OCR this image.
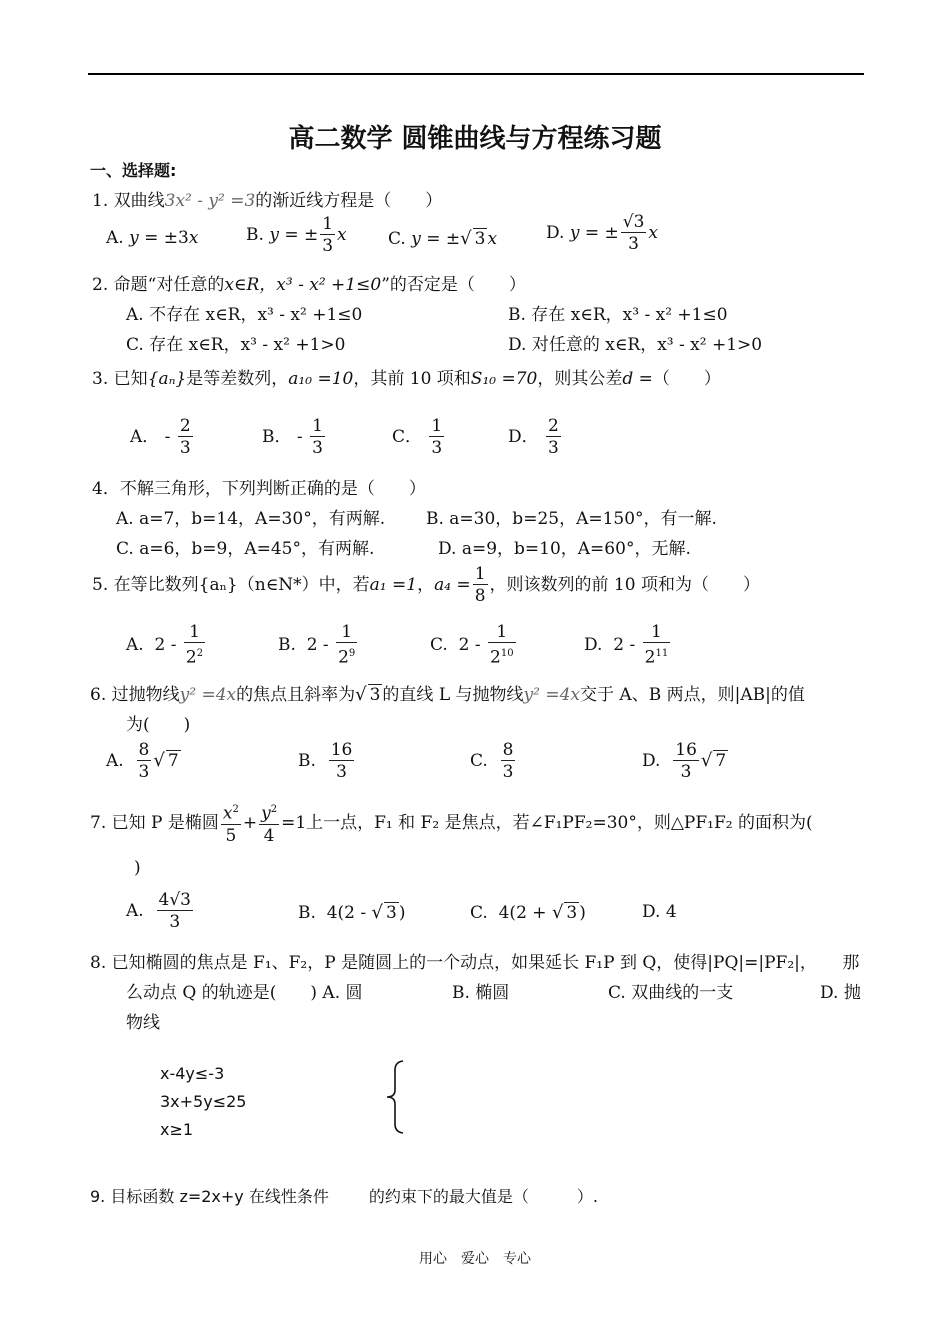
高二数学 圆锥曲线与方程练习题
一、选择题:
1. 双曲线3x² - y² =3的渐近线方程是（　　）
A. y = ±3x	B. y = ± $\frac{1}{3}$ x C. y = ±√ 3 x	D. y = ± $\frac{√3}{3}$ x
2. 命题“对任意的x∈R，x³ - x² +1≤0”的否定是（　　）
A. 不存在 x∈R，x³ - x² +1≤0	B. 存在 x∈R，x³ - x² +1≤0
C. 存在 x∈R，x³ - x² +1>0	D. 对任意的 x∈R，x³ - x² +1>0
3. 已知{aₙ}是等差数列，a₁₀ =10，其前 10 项和S₁₀ =70，则其公差d =（　　）
A． - $\frac{2}{3}$	B． - $\frac{1}{3}$	C． $\frac{1}{3}$	D． $\frac{2}{3}$
4．不解三角形，下列判断正确的是（　　）
A. a=7，b=14，A=30°，有两解. B. a=30，b=25，A=150°，有一解.
C. a=6，b=9，A=45°，有两解.	D. a=9，b=10，A=60°，无解.
5. 在等比数列{aₙ}（n∈N*）中，若a₁ =1，$a_4 = \frac{1}{8}$ ，则该数列的前 10 项和为（　　）
A.  $2 - \frac{1}{2^2}$	B.  $2 - \frac{1}{2^9}$	C.  $2 - \frac{1}{2^{10}}$	D.  $2 - \frac{1}{2^{11}}$
6. 过抛物线y² =4x的焦点且斜率为√ 3 的直线 L 与抛物线y² =4x交于 A、B 两点，则|AB|的值
为(　　)
A. $\frac{8}{3}$ √ 7	B. $\frac{16}{3}$	C. $\frac{8}{3}$	D. $\frac{16}{3}$ √ 7
7. 已知 P 是椭圆 $\frac{x^2}{5} + \frac{y^2}{4} =1$上一点，F₁ 和 F₂ 是焦点，若∠F₁PF₂=30°，则△PF₁F₂ 的面积为(
)
A. $\frac{4√3}{3}$	B.  4(2 - √ 3 )	C.  4(2 + √ 3 )	D. 4
8. 已知椭圆的焦点是 F₁、F₂，P 是随圆上的一个动点，如果延长 F₁P 到 Q，使得|PQ|=|PF₂|，　　那
么动点 Q 的轨迹是(　　) A. 圆	B. 椭圆	C. 双曲线的一支	D. 抛
物线
x-4y≤-3
3x+5y≤25
x≥1
9. 目标函数 z=2x+y 在线性条件	的约束下的最大值是（　　　）.
用心　爱心　专心
